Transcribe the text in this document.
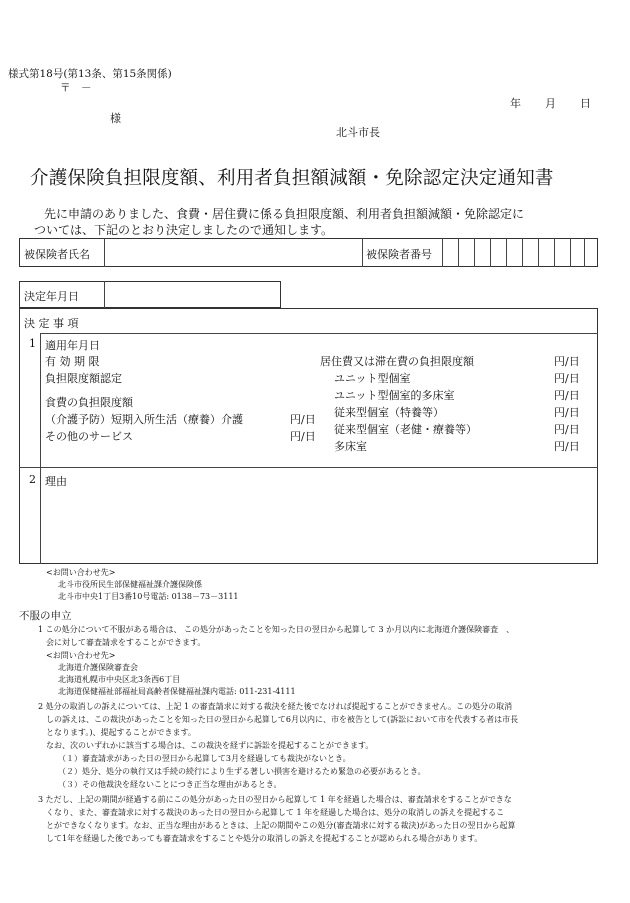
様式第18号(第13条、第15条関係)
〒　－
年 月 日
様
北斗市長
介護保険負担限度額、利用者負担額減額・免除認定決定通知書
先に申請のありました、食費・居住費に係る負担限度額、利用者負担額減額・免除認定に
ついては、下記のとおり決定しましたので通知します。
被保険者氏名	被保険者番号
決定年月日
決 定 事 項
1 適用年月日
有 効 期 限
負担限度額認定
食費の負担限度額
（介護予防）短期入所生活（療養）介護	円/日
その他のサービス	円/日
居住費又は滞在費の負担限度額	円/日
ユニット型個室	円/日
ユニット型個室的多床室	円/日
従来型個室（特養等）	円/日
従来型個室（老健・療養等）	円/日
多床室	円/日
2 理由
<お問い合わせ先>
北斗市役所民生部保健福祉課介護保険係
北斗市中央1丁目3番10号電話: 0138－73－3111
不服の申立
1 この処分について不服がある場合は、 この処分があったことを知った日の翌日から起算して 3 か月以内に北海道介護保険審査　、
会に対して審査請求をすることができます。
<お問い合わせ先>
北海道介護保険審査会
北海道札幌市中央区北3条西6丁目
北海道保健福祉部福祉局高齢者保健福祉課内電話: 011-231-4111
2 処分の取消しの訴えについては、上記 1 の審査請求に対する裁決を経た後でなければ提起することができません。この処分の取消
しの訴えは、この裁決があったことを知った日の翌日から起算して6月以内に、市を被告として(訴訟において市を代表する者は市長
となります。)、提起することができます。
なお、次のいずれかに該当する場合は、この裁決を経ずに訴訟を提起することができます。
（１）審査請求があった日の翌日から起算して3月を経過しても裁決がないとき。
（２）処分、処分の執行又は手続の続行により生ずる著しい損害を避けるため緊急の必要があるとき。
（３）その他裁決を経ないことにつき正当な理由があるとき。
3 ただし、上記の期間が経過する前にこの処分があった日の翌日から起算して 1 年を経過した場合は、審査請求をすることができな
くなり、また、審査請求に対する裁決のあった日の翌日から起算して 1 年を経過した場合は、処分の取消しの訴えを提起するこ
とができなくなります。なお、正当な理由があるときは、上記の期間やこの処分(審査請求に対する裁決)があった日の翌日から起算
して1年を経過した後であっても審査請求をすることや処分の取消しの訴えを提起することが認められる場合があります。
